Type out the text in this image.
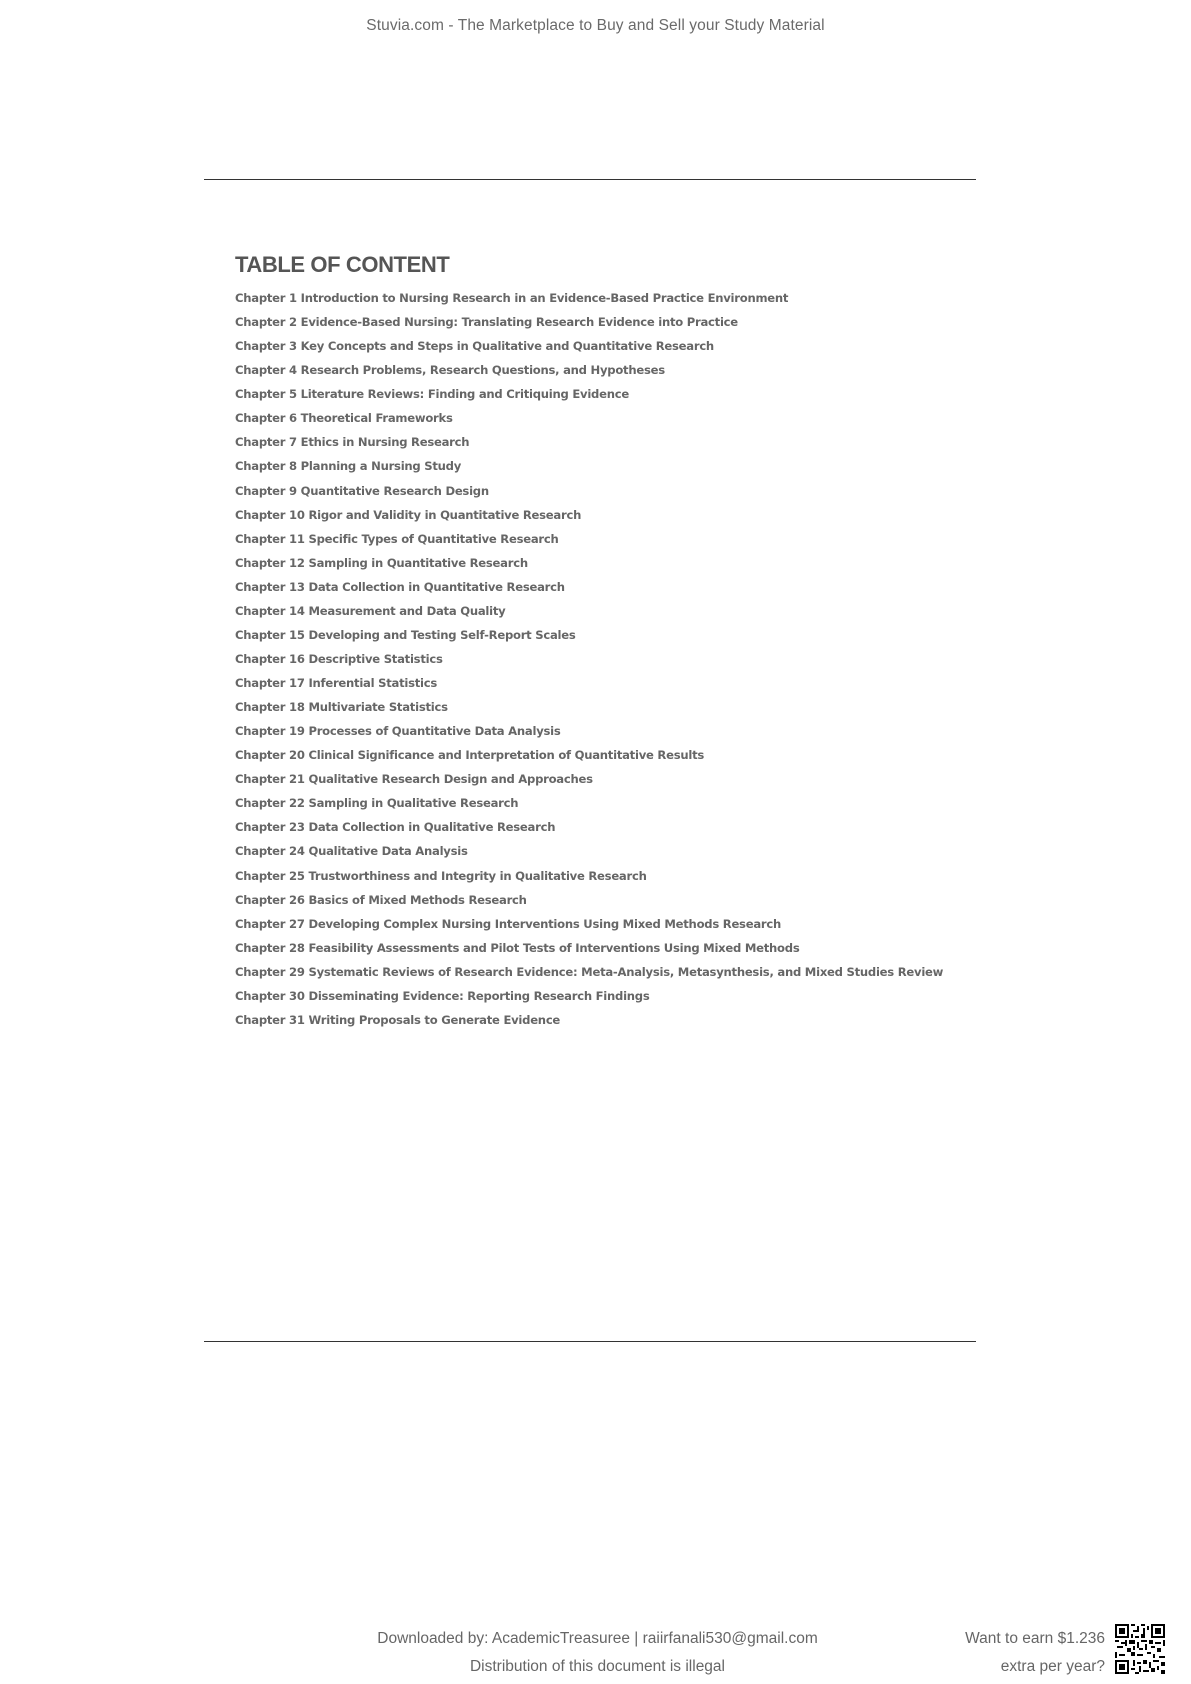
Stuvia.com - The Marketplace to Buy and Sell your Study Material
TABLE OF CONTENT
Chapter 1 Introduction to Nursing Research in an Evidence-Based Practice Environment
Chapter 2 Evidence-Based Nursing: Translating Research Evidence into Practice
Chapter 3 Key Concepts and Steps in Qualitative and Quantitative Research
Chapter 4 Research Problems, Research Questions, and Hypotheses
Chapter 5 Literature Reviews: Finding and Critiquing Evidence
Chapter 6 Theoretical Frameworks
Chapter 7 Ethics in Nursing Research
Chapter 8 Planning a Nursing Study
Chapter 9 Quantitative Research Design
Chapter 10 Rigor and Validity in Quantitative Research
Chapter 11 Specific Types of Quantitative Research
Chapter 12 Sampling in Quantitative Research
Chapter 13 Data Collection in Quantitative Research
Chapter 14 Measurement and Data Quality
Chapter 15 Developing and Testing Self-Report Scales
Chapter 16 Descriptive Statistics
Chapter 17 Inferential Statistics
Chapter 18 Multivariate Statistics
Chapter 19 Processes of Quantitative Data Analysis
Chapter 20 Clinical Significance and Interpretation of Quantitative Results
Chapter 21 Qualitative Research Design and Approaches
Chapter 22 Sampling in Qualitative Research
Chapter 23 Data Collection in Qualitative Research
Chapter 24 Qualitative Data Analysis
Chapter 25 Trustworthiness and Integrity in Qualitative Research
Chapter 26 Basics of Mixed Methods Research
Chapter 27 Developing Complex Nursing Interventions Using Mixed Methods Research
Chapter 28 Feasibility Assessments and Pilot Tests of Interventions Using Mixed Methods
Chapter 29 Systematic Reviews of Research Evidence: Meta-Analysis, Metasynthesis, and Mixed Studies Review
Chapter 30 Disseminating Evidence: Reporting Research Findings
Chapter 31 Writing Proposals to Generate Evidence
Downloaded by: AcademicTreasuree | raiirfanali530@gmail.com
Distribution of this document is illegal
Want to earn $1.236
extra per year?
